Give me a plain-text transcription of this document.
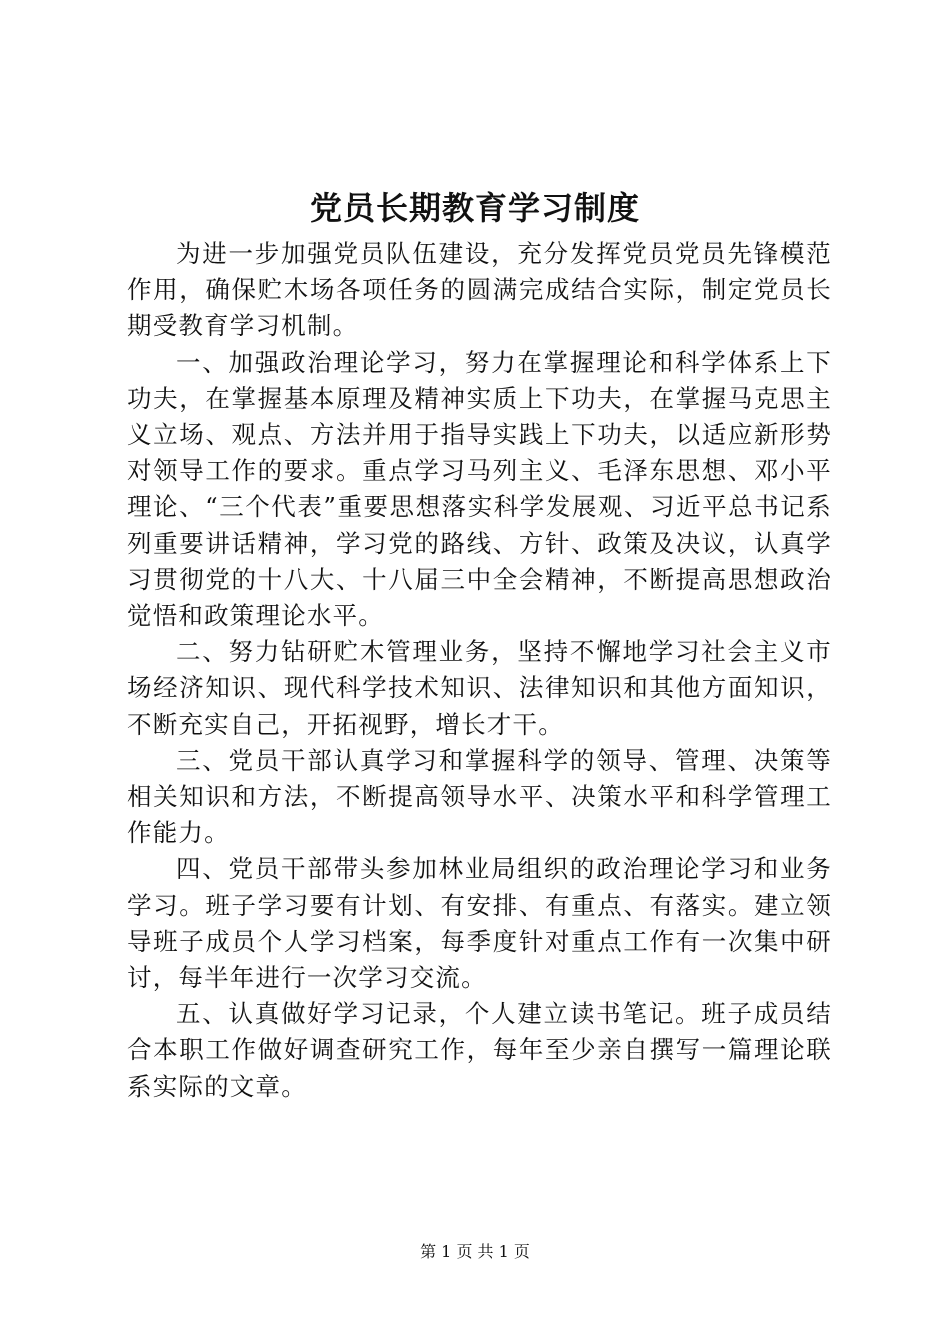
党员长期教育学习制度

为进一步加强党员队伍建设，充分发挥党员党员先锋模范作用，确保贮木场各项任务的圆满完成结合实际，制定党员长期受教育学习机制。

一、加强政治理论学习，努力在掌握理论和科学体系上下功夫，在掌握基本原理及精神实质上下功夫，在掌握马克思主义立场、观点、方法并用于指导实践上下功夫，以适应新形势对领导工作的要求。重点学习马列主义、毛泽东思想、邓小平理论、“三个代表”重要思想落实科学发展观、习近平总书记系列重要讲话精神，学习党的路线、方针、政策及决议，认真学习贯彻党的十八大、十八届三中全会精神，不断提高思想政治觉悟和政策理论水平。

二、努力钻研贮木管理业务，坚持不懈地学习社会主义市场经济知识、现代科学技术知识、法律知识和其他方面知识，不断充实自己，开拓视野，增长才干。

三、党员干部认真学习和掌握科学的领导、管理、决策等相关知识和方法，不断提高领导水平、决策水平和科学管理工作能力。

四、党员干部带头参加林业局组织的政治理论学习和业务学习。班子学习要有计划、有安排、有重点、有落实。建立领导班子成员个人学习档案，每季度针对重点工作有一次集中研讨，每半年进行一次学习交流。

五、认真做好学习记录，个人建立读书笔记。班子成员结合本职工作做好调查研究工作，每年至少亲自撰写一篇理论联系实际的文章。

第 1 页 共 1 页
